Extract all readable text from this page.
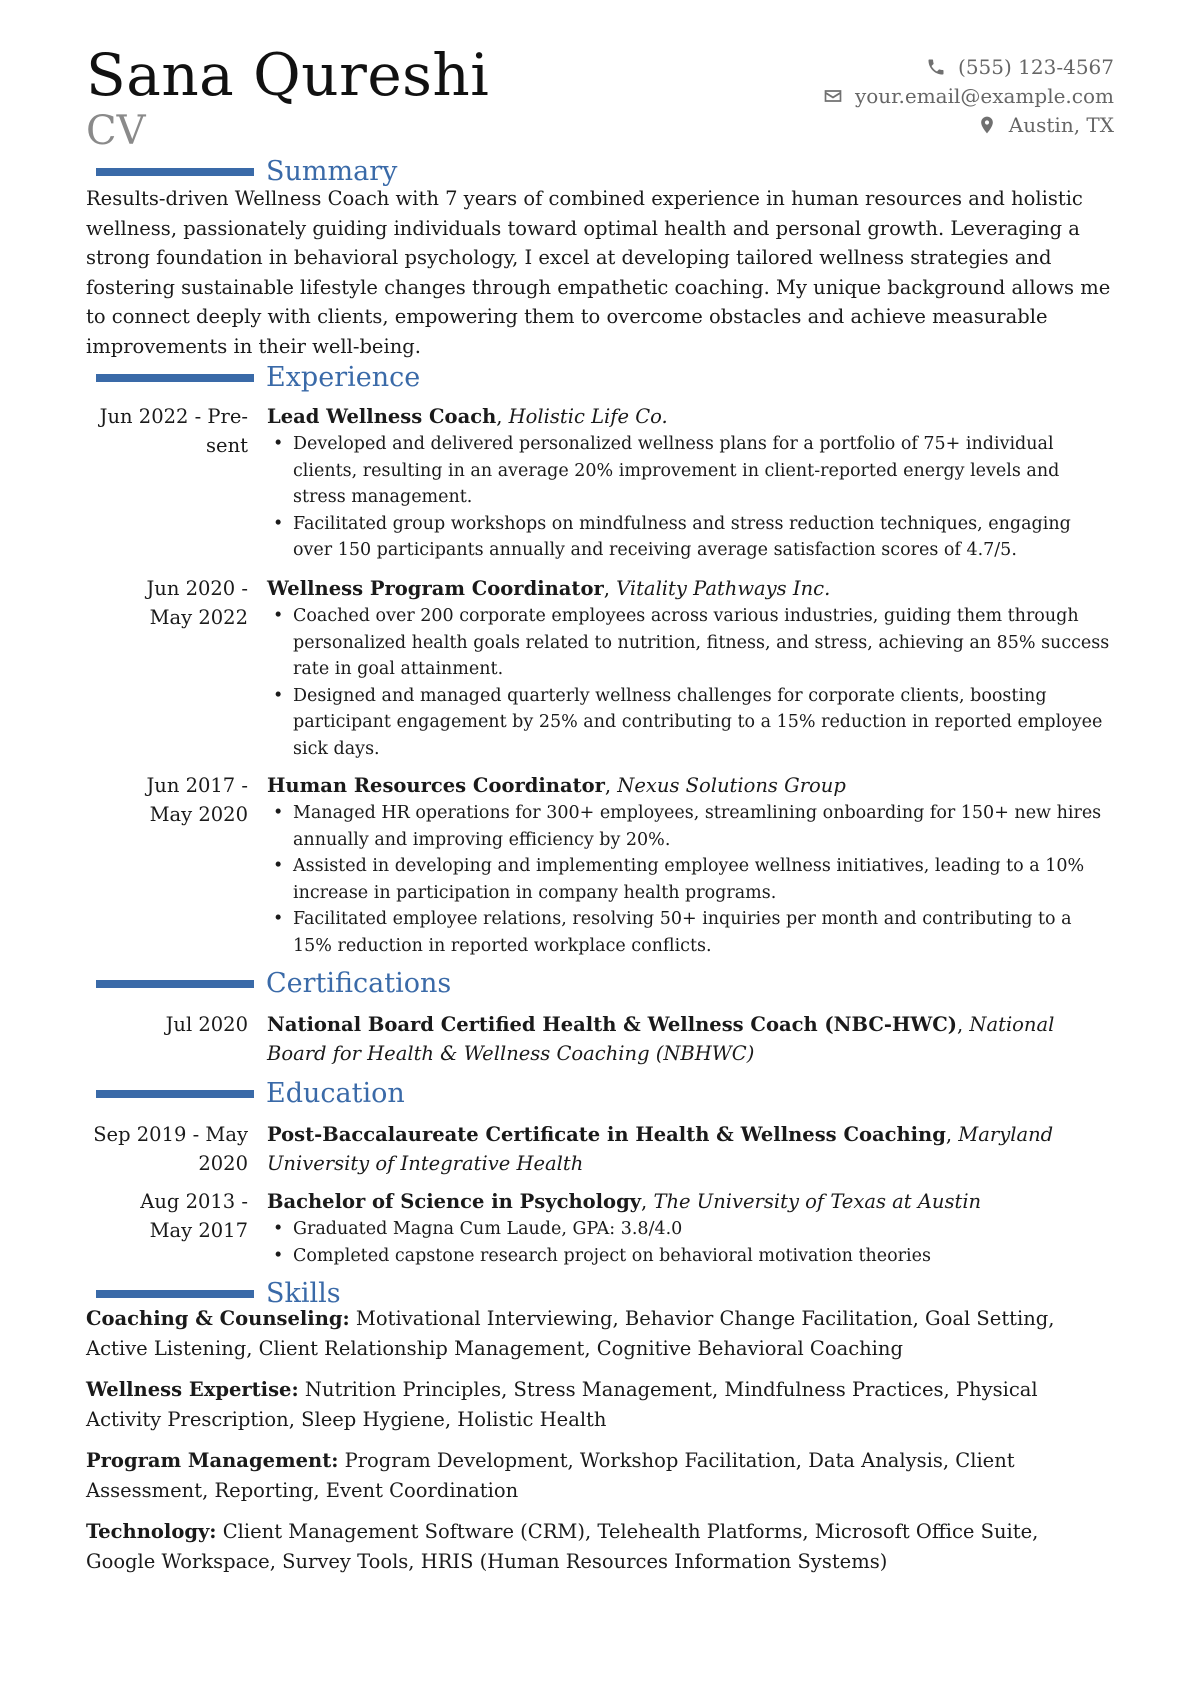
Sana Qureshi
CV
(555) 123-4567
your.email@example.com
Austin, TX
Summary

Results-driven Wellness Coach with 7 years of combined experience in human resources and holistic wellness, passionately guiding individuals toward optimal health and personal growth. Leveraging a strong foundation in behavioral psychology, I excel at developing tailored wellness strategies and fostering sustainable lifestyle changes through empathetic coaching. My unique background allows me to connect deeply with clients, empowering them to overcome obstacles and achieve measurable improvements in their well-being.

Experience
Jun 2022 - Pre-
sent
Lead Wellness Coach, Holistic Life Co.
• Developed and delivered personalized wellness plans for a portfolio of 75+ individual clients, resulting in an average 20% improvement in client-reported energy levels and stress management.
• Facilitated group workshops on mindfulness and stress reduction techniques, engaging over 150 participants annually and receiving average satisfaction scores of 4.7/5.
Jun 2020 -
May 2022
Wellness Program Coordinator, Vitality Pathways Inc.
• Coached over 200 corporate employees across various industries, guiding them through personalized health goals related to nutrition, fitness, and stress, achieving an 85% success rate in goal attainment.
• Designed and managed quarterly wellness challenges for corporate clients, boosting participant engagement by 25% and contributing to a 15% reduction in reported employee sick days.
Jun 2017 -
May 2020
Human Resources Coordinator, Nexus Solutions Group
• Managed HR operations for 300+ employees, streamlining onboarding for 150+ new hires annually and improving efficiency by 20%.
• Assisted in developing and implementing employee wellness initiatives, leading to a 10% increase in participation in company health programs.
• Facilitated employee relations, resolving 50+ inquiries per month and contributing to a 15% reduction in reported workplace conflicts.
Certifications
Jul 2020 National Board Certified Health & Wellness Coach (NBC-HWC), National Board for Health & Wellness Coaching (NBHWC)
Education
Sep 2019 - May
2020
Post-Baccalaureate Certificate in Health & Wellness Coaching, Maryland University of Integrative Health
Aug 2013 -
May 2017
Bachelor of Science in Psychology, The University of Texas at Austin
• Graduated Magna Cum Laude, GPA: 3.8/4.0
• Completed capstone research project on behavioral motivation theories
Skills
Coaching & Counseling: Motivational Interviewing, Behavior Change Facilitation, Goal Setting, Active Listening, Client Relationship Management, Cognitive Behavioral Coaching
Wellness Expertise: Nutrition Principles, Stress Management, Mindfulness Practices, Physical Activity Prescription, Sleep Hygiene, Holistic Health
Program Management: Program Development, Workshop Facilitation, Data Analysis, Client Assessment, Reporting, Event Coordination
Technology: Client Management Software (CRM), Telehealth Platforms, Microsoft Office Suite, Google Workspace, Survey Tools, HRIS (Human Resources Information Systems)
